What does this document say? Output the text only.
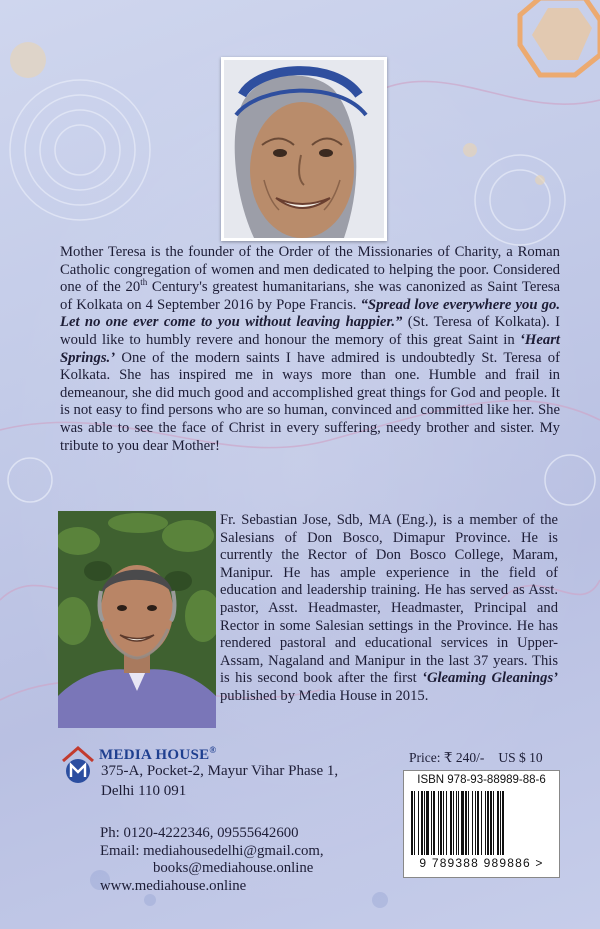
Mother Teresa is the founder of the Order of the Missionaries of Charity, a Roman Catholic congregation of women and men dedicated to helping the poor. Considered one of the 20th Century's greatest humanitarians, she was canonized as Saint Teresa of Kolkata on 4 September 2016 by Pope Francis. “Spread love everywhere you go. Let no one ever come to you without leaving happier.” (St. Teresa of Kolkata). I would like to humbly revere and honour the memory of this great Saint in ‘Heart Springs.’ One of the modern saints I have admired is undoubtedly St. Teresa of Kolkata. She has inspired me in ways more than one. Humble and frail in demeanour, she did much good and accomplished great things for God and people. It is not easy to find persons who are so human, convinced and committed like her. She was able to see the face of Christ in every suffering, needy brother and sister. My tribute to you dear Mother!
Fr. Sebastian Jose, Sdb, MA (Eng.), is a member of the Salesians of Don Bosco, Dimapur Province. He is currently the Rector of Don Bosco College, Maram, Manipur. He has ample experience in the field of education and leadership training. He has served as Asst. pastor, Asst. Headmaster, Headmaster, Principal and Rector in some Salesian settings in the Province. He has rendered pastoral and educational services in Upper-Assam, Nagaland and Manipur in the last 37 years. This is his second book after the first ‘Gleaming Gleanings’ published by Media House in 2015.
MEDIA HOUSE®
375-A, Pocket-2, Mayur Vihar Phase 1,
Delhi 110 091
Ph: 0120-4222346, 09555642600
Email: mediahousedelhi@gmail.com,
books@mediahouse.online
www.mediahouse.online
Price: ₹ 240/- US $ 10
ISBN 978-93-88989-88-6
9 789388 989886 >
